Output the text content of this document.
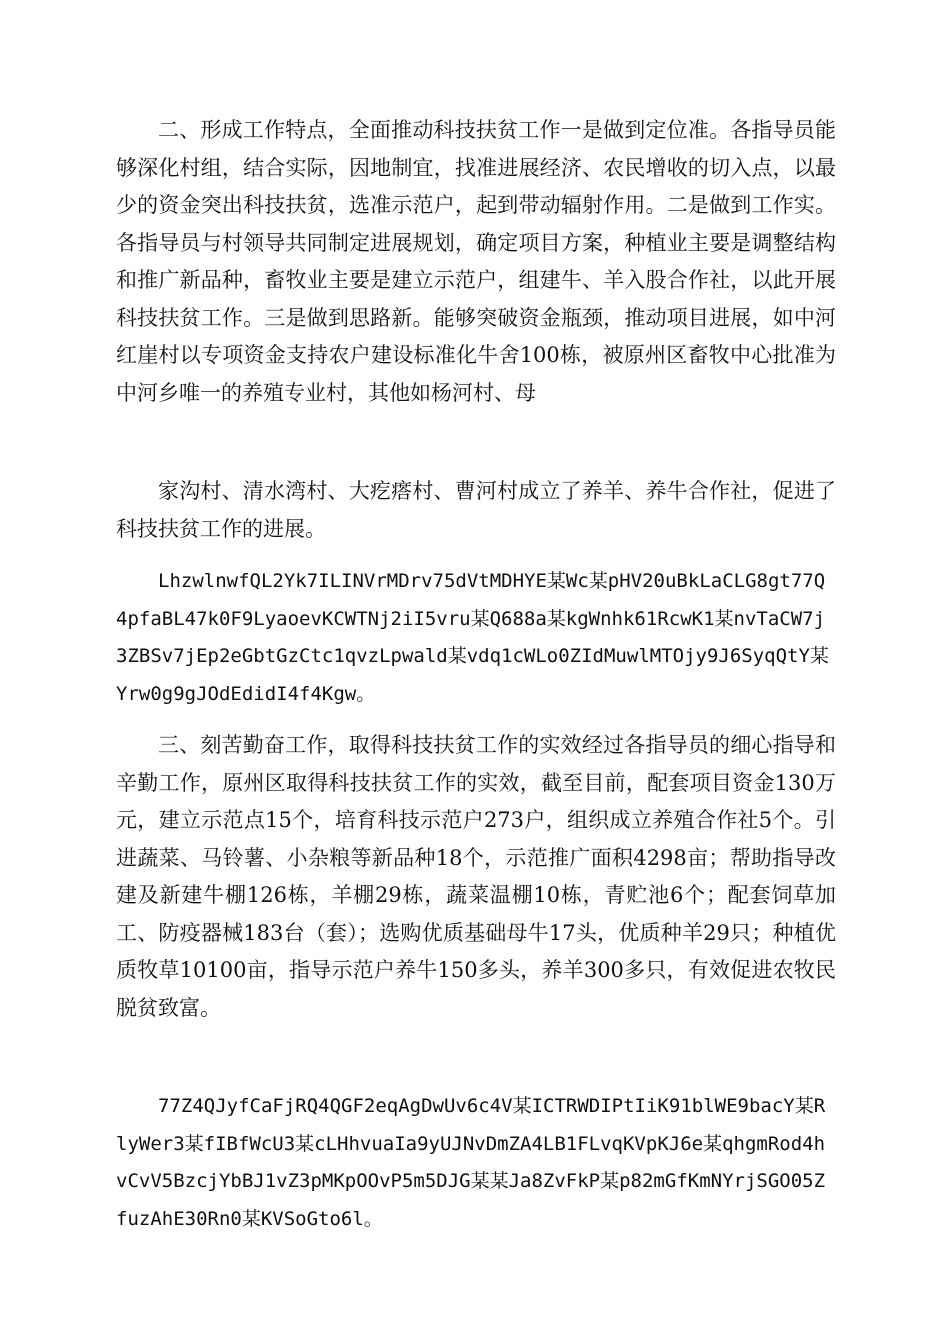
二、形成工作特点，全面推动科技扶贫工作一是做到定位准。各指导员能够深化村组，结合实际，因地制宜，找准进展经济、农民增收的切入点，以最少的资金突出科技扶贫，选准示范户，起到带动辐射作用。二是做到工作实。各指导员与村领导共同制定进展规划，确定项目方案，种植业主要是调整结构和推广新品种，畜牧业主要是建立示范户，组建牛、羊入股合作社，以此开展科技扶贫工作。三是做到思路新。能够突破资金瓶颈，推动项目进展，如中河红崖村以专项资金支持农户建设标准化牛舍100栋，被原州区畜牧中心批准为中河乡唯一的养殖专业村，其他如杨河村、母

家沟村、清水湾村、大疙瘩村、曹河村成立了养羊、养牛合作社，促进了科技扶贫工作的进展。

LhzwlnwfQL2Yk7ILINVrMDrv75dVtMDHYE某Wc某pHV20uBkLaCLG8gt77Q4pfaBL47k0F9LyaoevKCWTNj2iI5vru某Q688a某kgWnhk61RcwK1某nvTaCW7j3ZBSv7jEp2eGbtGzCtc1qvzLpwald某vdq1cWLo0ZIdMuwlMTOjy9J6SyqQtY某Yrw0g9gJOdEdidI4f4Kgw。

三、刻苦勤奋工作，取得科技扶贫工作的实效经过各指导员的细心指导和辛勤工作，原州区取得科技扶贫工作的实效，截至目前，配套项目资金130万元，建立示范点15个，培育科技示范户273户，组织成立养殖合作社5个。引进蔬菜、马铃薯、小杂粮等新品种18个，示范推广面积4298亩；帮助指导改建及新建牛棚126栋，羊棚29栋，蔬菜温棚10栋，青贮池6个；配套饲草加工、防疫器械183台（套）；选购优质基础母牛17头，优质种羊29只；种植优质牧草10100亩，指导示范户养牛150多头，养羊300多只，有效促进农牧民脱贫致富。

77Z4QJyfCaFjRQ4QGF2eqAgDwUv6c4V某ICTRWDIPtIiK91blWE9bacY某RlyWer3某fIBfWcU3某cLHhvuaIa9yUJNvDmZA4LB1FLvqKVpKJ6e某qhgmRod4hvCvV5BzcjYbBJ1vZ3pMKpOOvP5m5DJG某某Ja8ZvFkP某p82mGfKmNYrjSGO05ZfuzAhE30Rn0某KVSoGto6l。
